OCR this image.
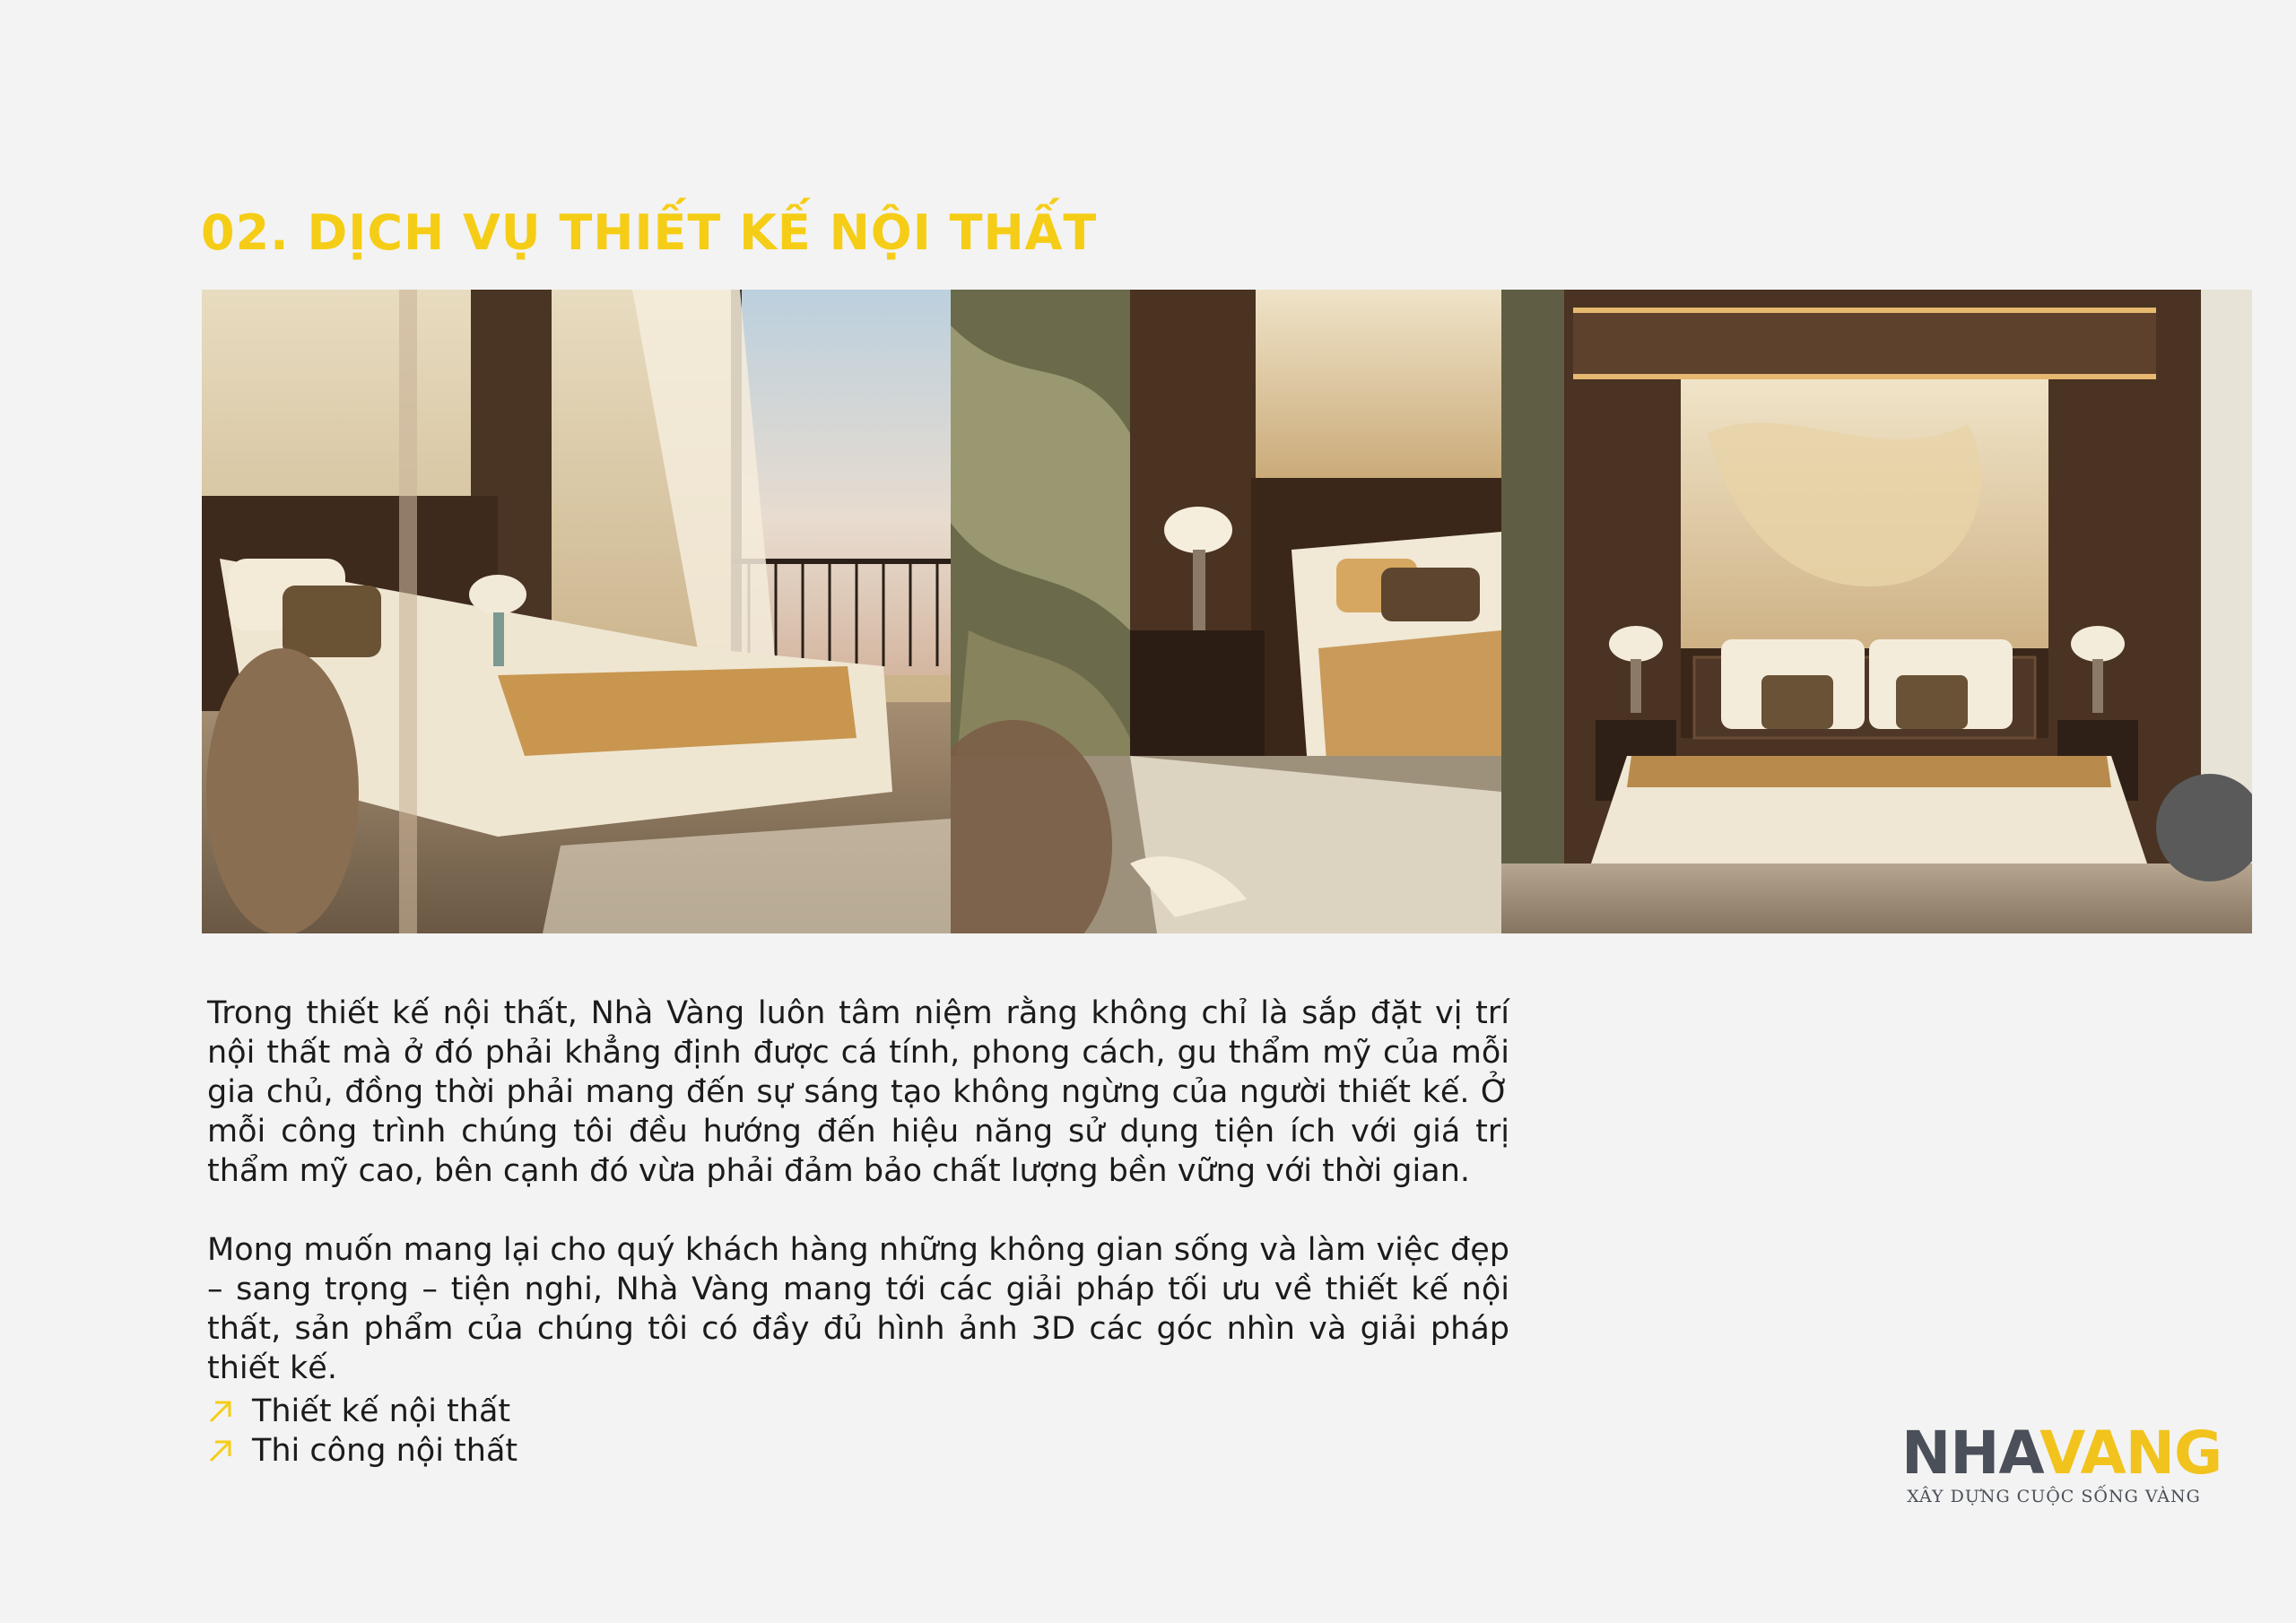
02. DỊCH VỤ THIẾT KẾ NỘI THẤT

Trong thiết kế nội thất, Nhà Vàng luôn tâm niệm rằng không chỉ là sắp đặt vị trí nội thất mà ở đó phải khẳng định được cá tính, phong cách, gu thẩm mỹ của mỗi gia chủ, đồng thời phải mang đến sự sáng tạo không ngừng của người thiết kế. Ở mỗi công trình chúng tôi đều hướng đến hiệu năng sử dụng tiện ích với giá trị thẩm mỹ cao, bên cạnh đó vừa phải đảm bảo chất lượng bền vững với thời gian.

Mong muốn mang lại cho quý khách hàng những không gian sống và làm việc đẹp – sang trọng – tiện nghi, Nhà Vàng mang tới các giải pháp tối ưu về thiết kế nội thất, sản phẩm của chúng tôi có đầy đủ hình ảnh 3D các góc nhìn và giải pháp thiết kế.

Thiết kế nội thất
Thi công nội thất	NHAVANG
XÂY DỰNG CUỘC SỐNG VÀNG
